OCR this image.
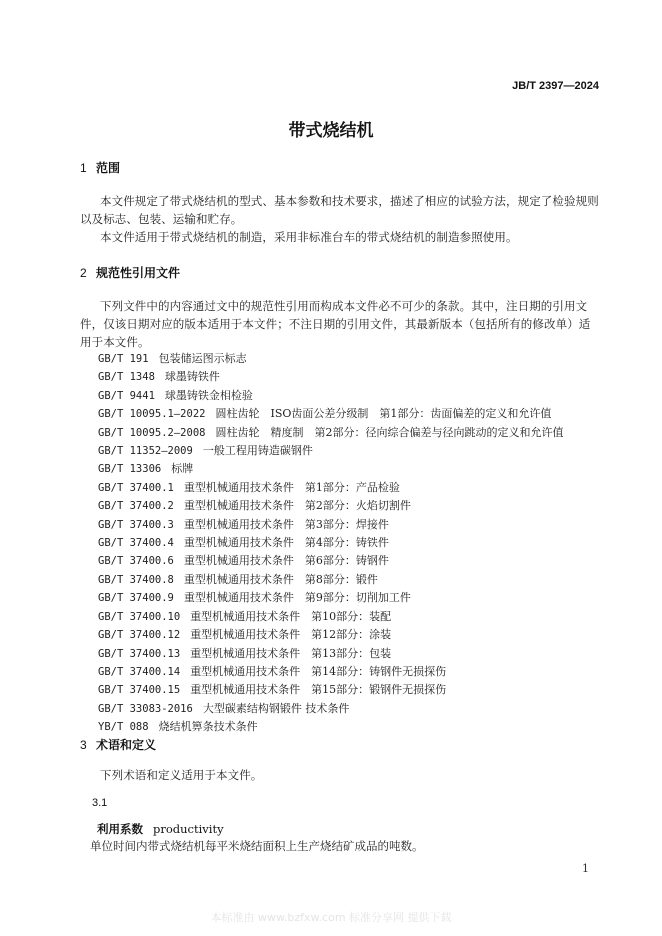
JB/T 2397—2024
带式烧结机
1 范围
本文件规定了带式烧结机的型式、基本参数和技术要求，描述了相应的试验方法，规定了检验规则以及标志、包装、运输和贮存。
本文件适用于带式烧结机的制造，采用非标准台车的带式烧结机的制造参照使用。
2 规范性引用文件
下列文件中的内容通过文中的规范性引用而构成本文件必不可少的条款。其中，注日期的引用文件，仅该日期对应的版本适用于本文件；不注日期的引用文件，其最新版本（包括所有的修改单）适用于本文件。
GB/T 191 包装储运图示标志
GB/T 1348 球墨铸铁件
GB/T 9441 球墨铸铁金相检验
GB/T 10095.1—2022 圆柱齿轮　ISO齿面公差分级制　第1部分：齿面偏差的定义和允许值
GB/T 10095.2—2008 圆柱齿轮　精度制　第2部分：径向综合偏差与径向跳动的定义和允许值
GB/T 11352—2009 一般工程用铸造碳钢件
GB/T 13306 标牌
GB/T 37400.1 重型机械通用技术条件　第1部分：产品检验
GB/T 37400.2 重型机械通用技术条件　第2部分：火焰切割件
GB/T 37400.3 重型机械通用技术条件　第3部分：焊接件
GB/T 37400.4 重型机械通用技术条件　第4部分：铸铁件
GB/T 37400.6 重型机械通用技术条件　第6部分：铸钢件
GB/T 37400.8 重型机械通用技术条件　第8部分：锻件
GB/T 37400.9 重型机械通用技术条件　第9部分：切削加工件
GB/T 37400.10 重型机械通用技术条件　第10部分：装配
GB/T 37400.12 重型机械通用技术条件　第12部分：涂装
GB/T 37400.13 重型机械通用技术条件　第13部分：包装
GB/T 37400.14 重型机械通用技术条件　第14部分：铸钢件无损探伤
GB/T 37400.15 重型机械通用技术条件　第15部分：锻钢件无损探伤
GB/T 33083-2016 大型碳素结构钢锻件 技术条件
YB/T 088 烧结机箅条技术条件
3 术语和定义
下列术语和定义适用于本文件。
3.1
利用系数 productivity
单位时间内带式烧结机每平米烧结面积上生产烧结矿成品的吨数。
1
本标准由 www.bzfxw.com 标准分享网 提供下载
